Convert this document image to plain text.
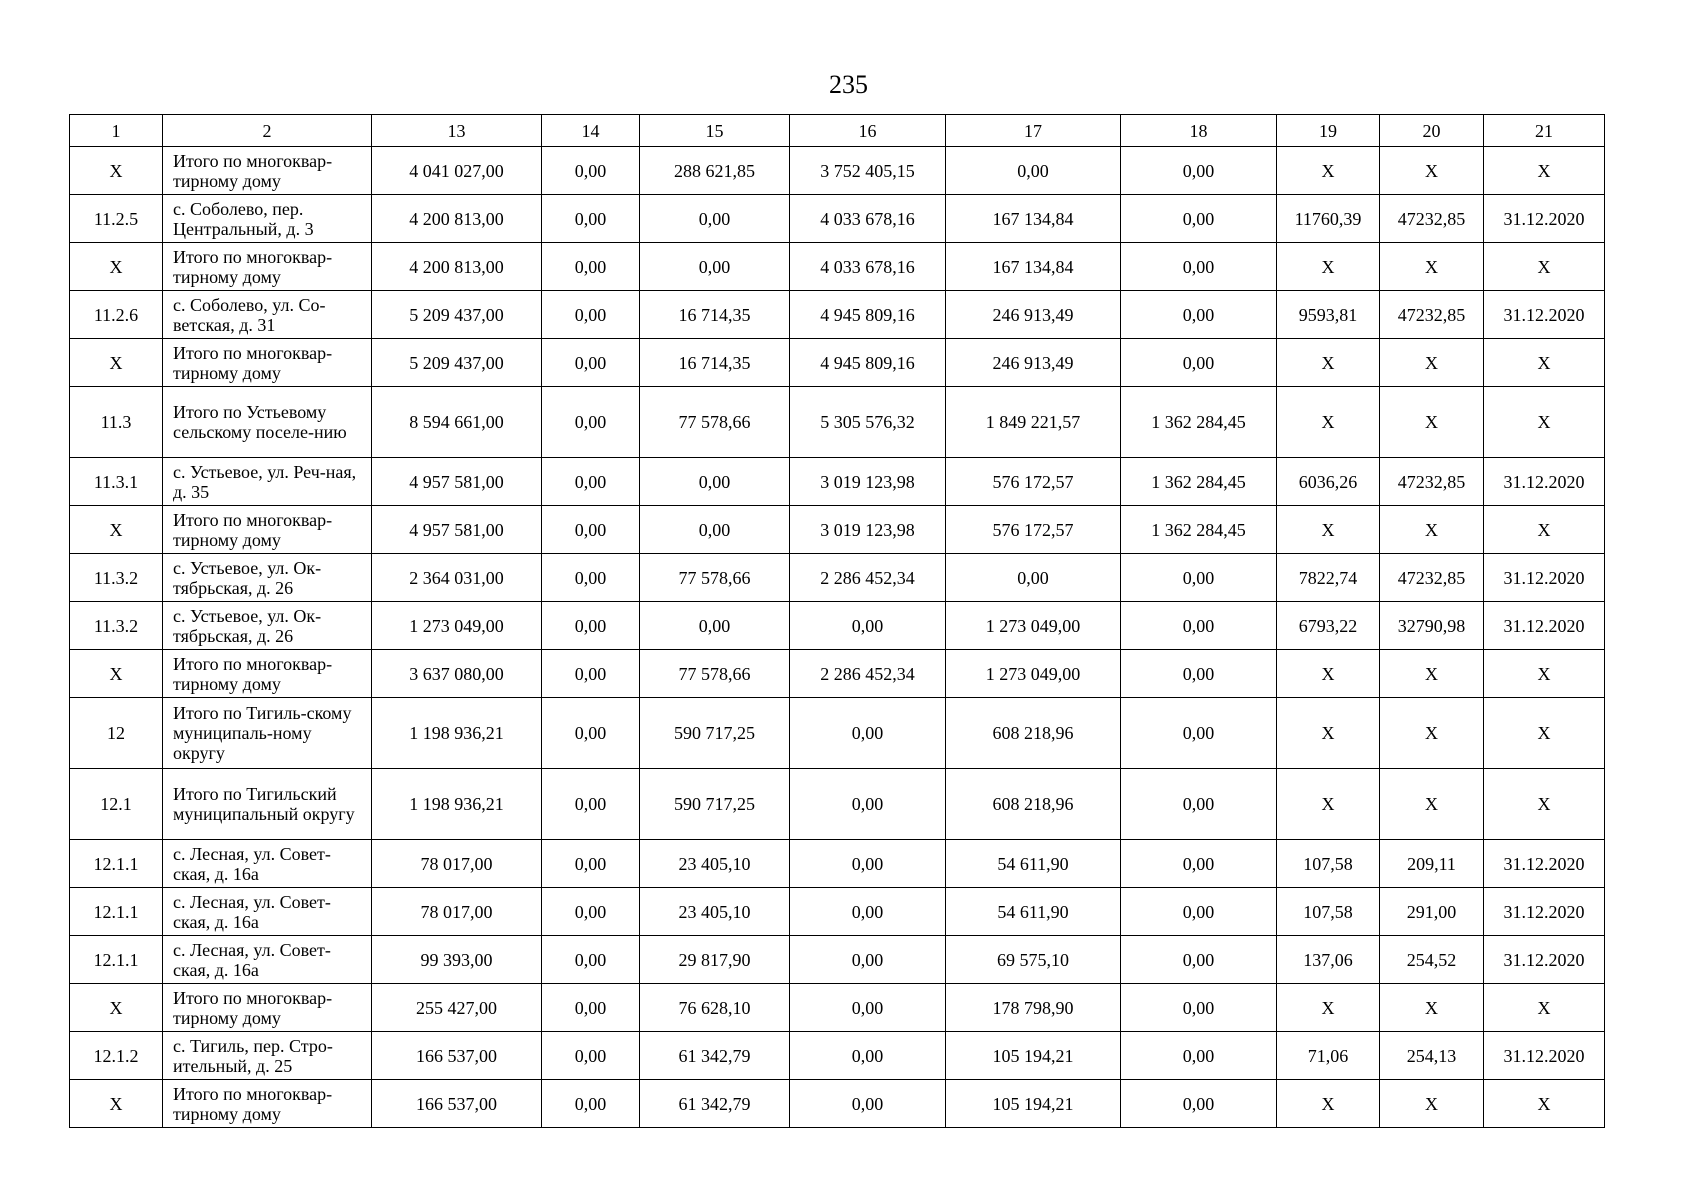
235
1	2	13	14	15	16	17	18	19	20	21
X	Итого по многоквар-тирному дому	4 041 027,00	0,00	288 621,85	3 752 405,15	0,00	0,00	X	X	X
11.2.5	с. Соболево, пер. Центральный, д. 3	4 200 813,00	0,00	0,00	4 033 678,16	167 134,84	0,00	11760,39	47232,85	31.12.2020
X	Итого по многоквар-тирному дому	4 200 813,00	0,00	0,00	4 033 678,16	167 134,84	0,00	X	X	X
11.2.6	с. Соболево, ул. Со-ветская, д. 31	5 209 437,00	0,00	16 714,35	4 945 809,16	246 913,49	0,00	9593,81	47232,85	31.12.2020
X	Итого по многоквар-тирному дому	5 209 437,00	0,00	16 714,35	4 945 809,16	246 913,49	0,00	X	X	X
11.3	Итого по Устьевому сельскому поселе-нию	8 594 661,00	0,00	77 578,66	5 305 576,32	1 849 221,57	1 362 284,45	X	X	X
11.3.1	с. Устьевое, ул. Реч-ная, д. 35	4 957 581,00	0,00	0,00	3 019 123,98	576 172,57	1 362 284,45	6036,26	47232,85	31.12.2020
X	Итого по многоквар-тирному дому	4 957 581,00	0,00	0,00	3 019 123,98	576 172,57	1 362 284,45	X	X	X
11.3.2	с. Устьевое, ул. Ок-тябрьская, д. 26	2 364 031,00	0,00	77 578,66	2 286 452,34	0,00	0,00	7822,74	47232,85	31.12.2020
11.3.2	с. Устьевое, ул. Ок-тябрьская, д. 26	1 273 049,00	0,00	0,00	0,00	1 273 049,00	0,00	6793,22	32790,98	31.12.2020
X	Итого по многоквар-тирному дому	3 637 080,00	0,00	77 578,66	2 286 452,34	1 273 049,00	0,00	X	X	X
12	Итого по Тигиль-скому муниципаль-ному округу	1 198 936,21	0,00	590 717,25	0,00	608 218,96	0,00	X	X	X
12.1	Итого по Тигильский муниципальный округу	1 198 936,21	0,00	590 717,25	0,00	608 218,96	0,00	X	X	X
12.1.1	с. Лесная, ул. Совет-ская, д. 16а	78 017,00	0,00	23 405,10	0,00	54 611,90	0,00	107,58	209,11	31.12.2020
12.1.1	с. Лесная, ул. Совет-ская, д. 16а	78 017,00	0,00	23 405,10	0,00	54 611,90	0,00	107,58	291,00	31.12.2020
12.1.1	с. Лесная, ул. Совет-ская, д. 16а	99 393,00	0,00	29 817,90	0,00	69 575,10	0,00	137,06	254,52	31.12.2020
X	Итого по многоквар-тирному дому	255 427,00	0,00	76 628,10	0,00	178 798,90	0,00	X	X	X
12.1.2	с. Тигиль, пер. Стро-ительный, д. 25	166 537,00	0,00	61 342,79	0,00	105 194,21	0,00	71,06	254,13	31.12.2020
X	Итого по многоквар-тирному дому	166 537,00	0,00	61 342,79	0,00	105 194,21	0,00	X	X	X
